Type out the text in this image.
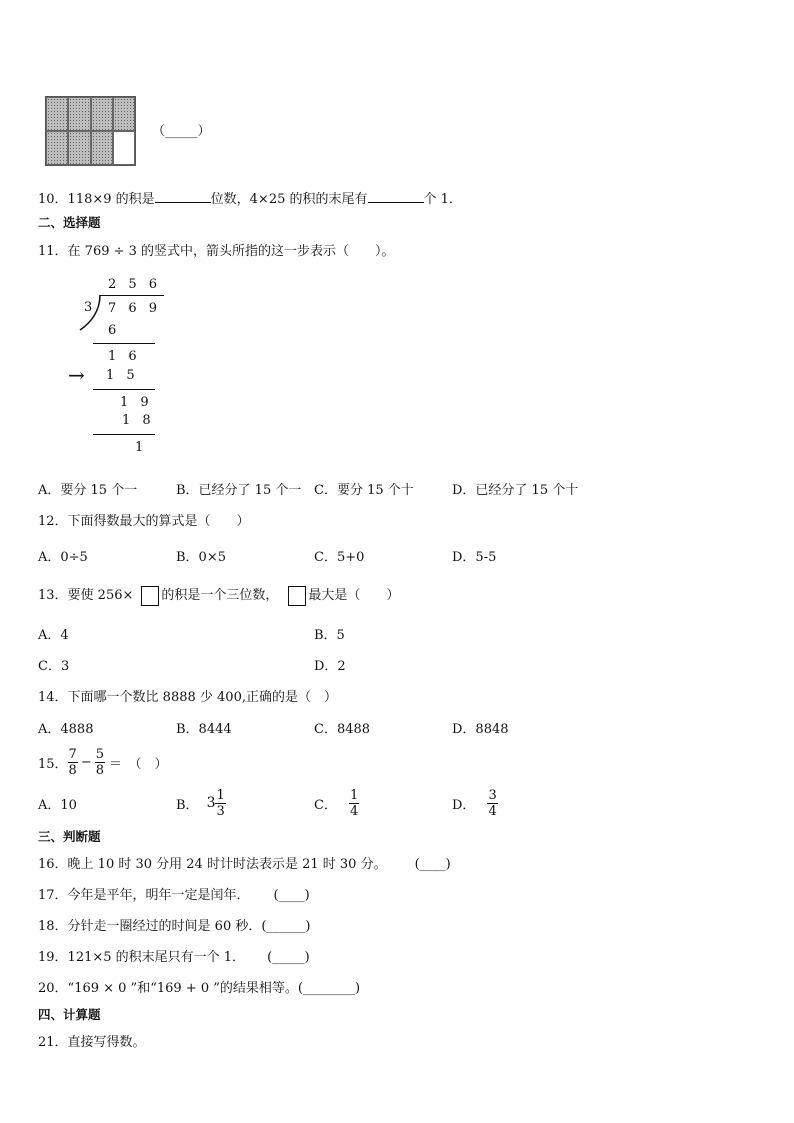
（_____）
10．118×9 的积是	位数，4×25 的积的末尾有	个 1．
二、选择题
11．在 769 ÷ 3 的竖式中，箭头所指的这一步表示（　　）。
2 5 6
3 7 6 9
6
1 6
→ 1 5
1 9
1 8
1
A．要分 15 个一	B．已经分了 15 个一 C．要分 15 个十	D．已经分了 15 个十
12．下面得数最大的算式是（　　）
A．0÷5	B．0×5	C．5+0	D．5-5
13．要使 256× 的积是一个三位数， 最大是（　　）
A．4	B．5
C．3	D．2
14．下面哪一个数比 8888 少 400,正确的是（　）
A．4888	B．8444	C．8488	D．8848
15． $\frac{7}{8} - \frac{5}{8}$ ＝　（　）
A．10	B． $3 \frac{1}{3}$	C． $\frac{1}{4}$	D． $\frac{3}{4}$
三、判断题
16．晚上 10 时 30 分用 24 时计时法表示是 21 时 30 分。 (____)
17．今年是平年，明年一定是闰年． (____)
18．分针走一圈经过的时间是 60 秒．(______)
19．121×5 的积末尾只有一个 1． (_____)
20．“169 × 0 ”和“169 + 0 ”的结果相等。(________)
四、计算题
21．直接写得数。
